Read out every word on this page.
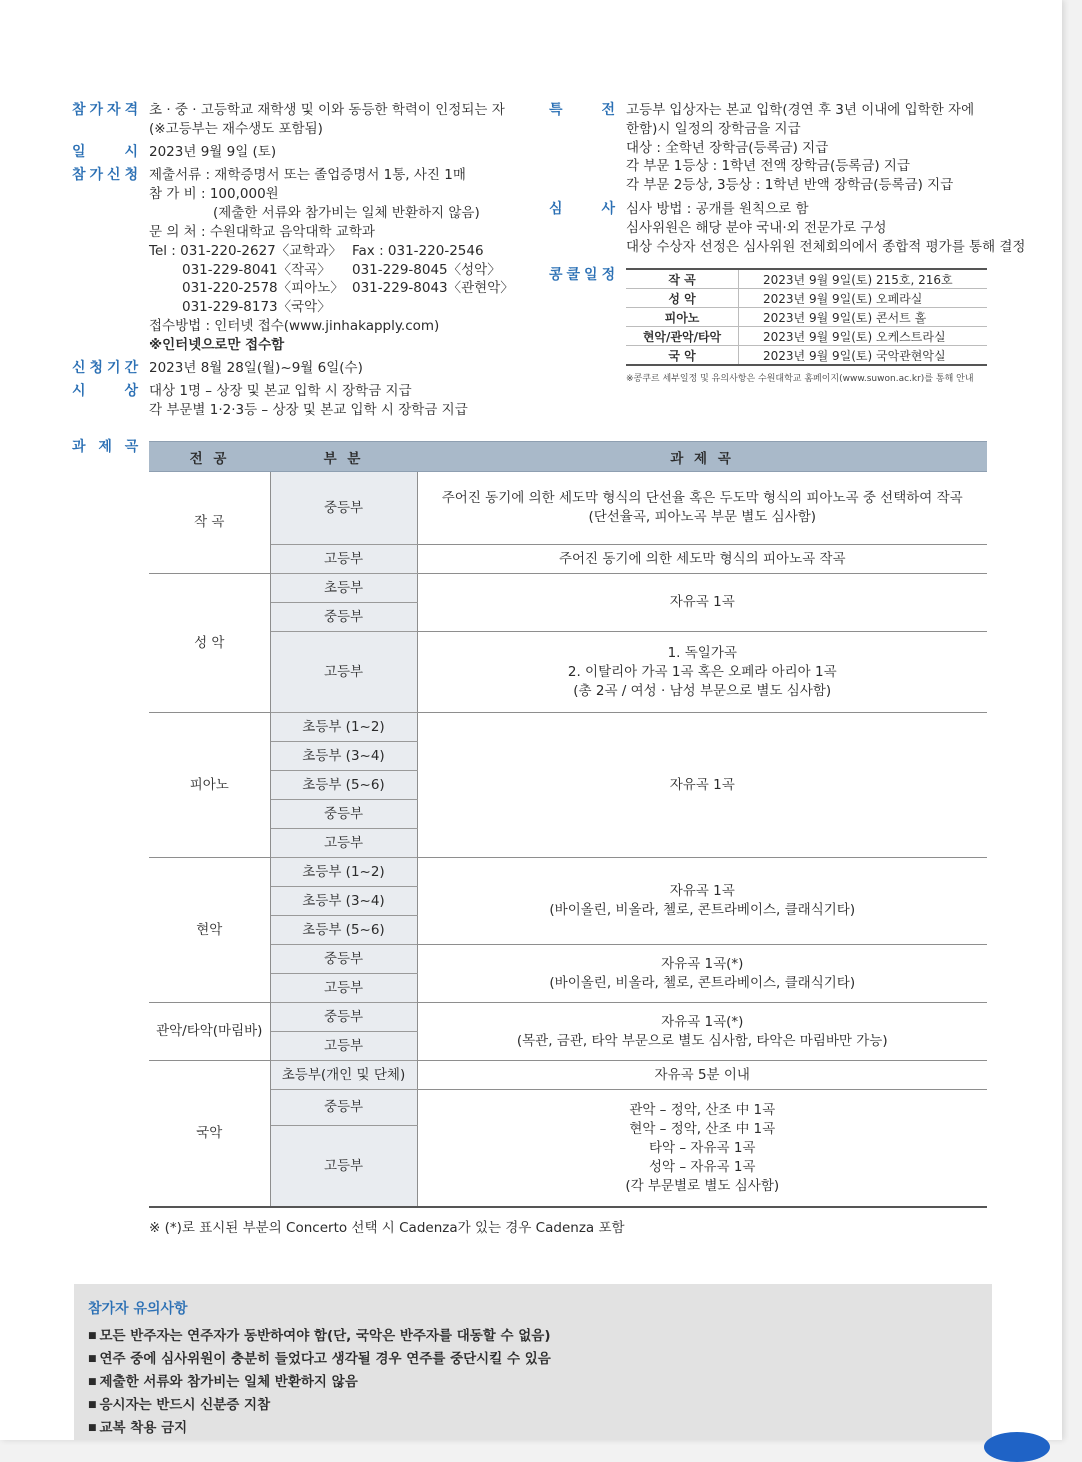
참가자격 초 · 중 · 고등학교 재학생 및 이와 동등한 학력이 인정되는 자
(※고등부는 재수생도 포함됨)
일        시 2023년 9월 9일 (토)
참가신청 제출서류 : 재학증명서 또는 졸업증명서 1통, 사진 1매
참 가 비 : 100,000원
(제출한 서류와 참가비는 일체 반환하지 않음)
문 의 처 : 수원대학교 음악대학 교학과
Tel : 031-220-2627〈교학과〉 Fax : 031-220-2546
031-229-8041〈작곡〉 031-229-8045〈성악〉
031-220-2578〈피아노〉 031-229-8043〈관현악〉
031-229-8173〈국악〉
접수방법 : 인터넷 접수(www.jinhakapply.com)
※인터넷으로만 접수함
신청기간 2023년 8월 28일(월)~9월 6일(수)
시        상 대상 1명 – 상장 및 본교 입학 시 장학금 지급
각 부문별 1·2·3등 – 상장 및 본교 입학 시 장학금 지급
특        전 고등부 입상자는 본교 입학(경연 후 3년 이내에 입학한 자에
한함)시 일정의 장학금을 지급
대상 : 全학년 장학금(등록금) 지급
각 부문 1등상 : 1학년 전액 장학금(등록금) 지급
각 부문 2등상, 3등상 : 1학년 반액 장학금(등록금) 지급
심        사 심사 방법 : 공개를 원칙으로 함
심사위원은 해당 분야 국내·외 전문가로 구성
대상 수상자 선정은 심사위원 전체회의에서 종합적 평가를 통해 결정
콩쿨일정	작 곡	2023년 9월 9일(토) 215호, 216호
성 악	2023년 9월 9일(토) 오페라실
피아노	2023년 9월 9일(토) 콘서트 홀
현악/관악/타악	2023년 9월 9일(토) 오케스트라실
국 악	2023년 9월 9일(토) 국악관현악실
※콩쿠르 세부일정 및 유의사항은 수원대학교 홈페이지(www.suwon.ac.kr)를 통해 안내
과 제 곡
전 공	부 분	과 제 곡
작 곡	중등부	주어진 동기에 의한 세도막 형식의 단선율 혹은 두도막 형식의 피아노곡 중 선택하여 작곡
(단선율곡, 피아노곡 부문 별도 심사함)

	고등부	주어진 동기에 의한 세도막 형식의 피아노곡 작곡
성 악	초등부	자유곡 1곡
	중등부	
	고등부	1. 독일가곡
2. 이탈리아 가곡 1곡 혹은 오페라 아리아 1곡
(총 2곡 / 여성 · 남성 부문으로 별도 심사함)

피아노	초등부 (1~2)	자유곡 1곡
	초등부 (3~4)	
	초등부 (5~6)	
	중등부	
	고등부	
현악	초등부 (1~2)	자유곡 1곡
(바이올린, 비올라, 첼로, 콘트라베이스, 클래식기타)

	초등부 (3~4)	
	초등부 (5~6)	
	중등부	자유곡 1곡(*)
(바이올린, 비올라, 첼로, 콘트라베이스, 클래식기타)

	고등부	
관악/타악(마림바)	중등부	자유곡 1곡(*)
(목관, 금관, 타악 부문으로 별도 심사함, 타악은 마림바만 가능)

	고등부	
국악	초등부(개인 및 단체)	자유곡 5분 이내
	중등부	관악 – 정악, 산조 中 1곡
현악 – 정악, 산조 中 1곡
타악 – 자유곡 1곡
성악 – 자유곡 1곡
(각 부문별로 별도 심사함)

	고등부	
※ (*)로 표시된 부분의 Concerto 선택 시 Cadenza가 있는 경우 Cadenza 포함
참가자 유의사항
■ 모든 반주자는 연주자가 동반하여야 함(단, 국악은 반주자를 대동할 수 없음)
■ 연주 중에 심사위원이 충분히 들었다고 생각될 경우 연주를 중단시킬 수 있음
■ 제출한 서류와 참가비는 일체 반환하지 않음
■ 응시자는 반드시 신분증 지참
■ 교복 착용 금지
